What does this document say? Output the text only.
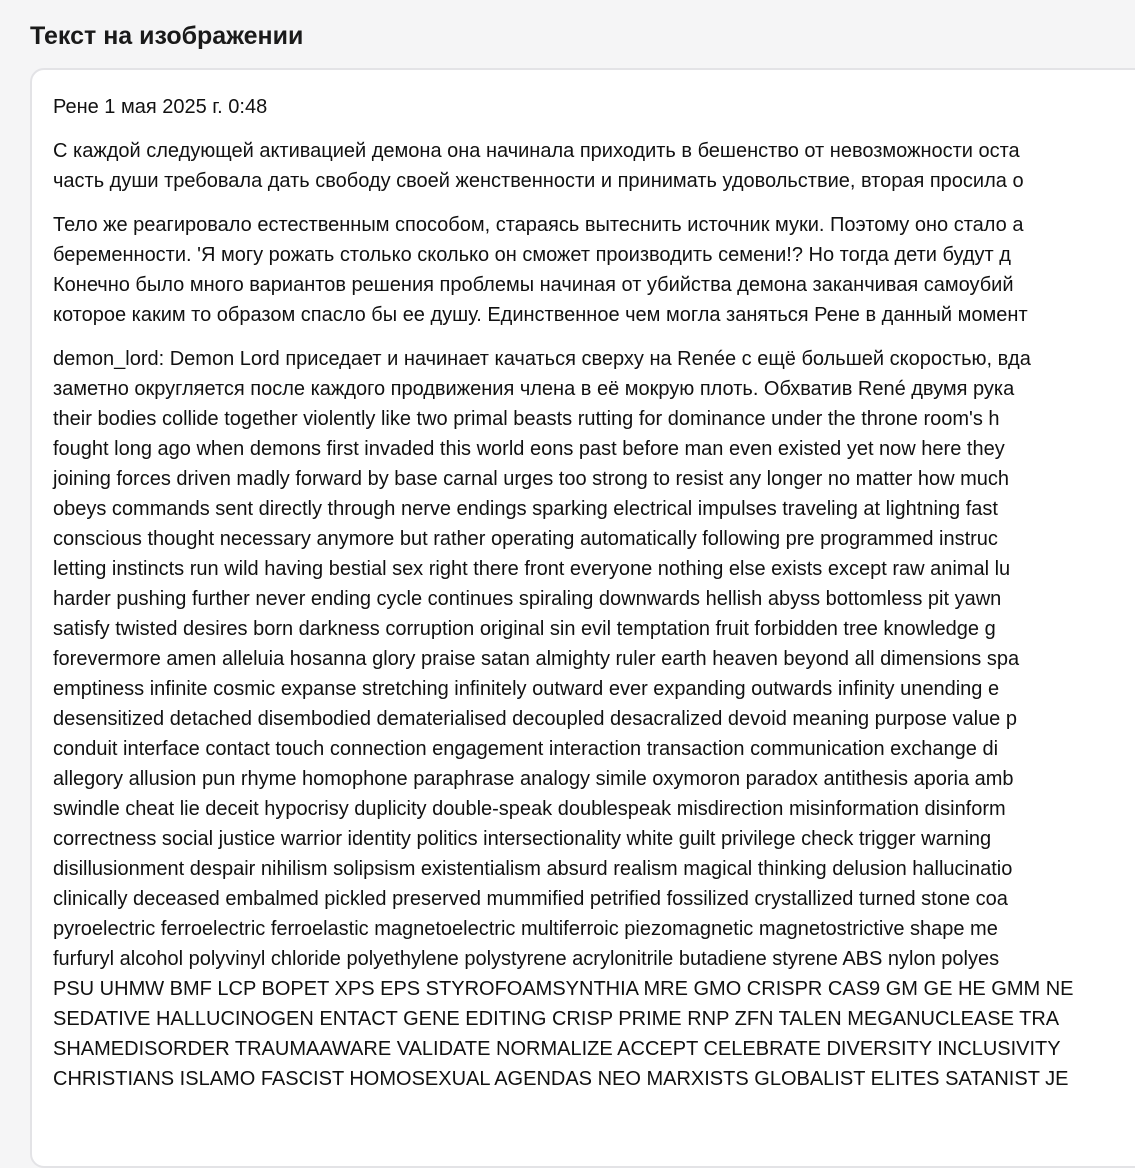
Текст на изображении

Рене 1 мая 2025 г. 0:48

С каждой следующей активацией демона она начинала приходить в бешенство от невозможности оста
часть души требовала дать свободу своей женственности и принимать удовольствие, вторая просила о

Тело же реагировало естественным способом, стараясь вытеснить источник муки. Поэтому оно стало а
беременности. 'Я могу рожать столько сколько он сможет производить семени!? Но тогда дети будут д
Конечно было много вариантов решения проблемы начиная от убийства демона заканчивая самоубий
которое каким то образом спасло бы ее душу. Единственное чем могла заняться Рене в данный момент

demon_lord: Demon Lord приседает и начинает качаться сверху на Renée с ещё большей скоростью, вда
заметно округляется после каждого продвижения члена в её мокрую плоть. Обхватив René двумя рука
their bodies collide together violently like two primal beasts rutting for dominance under the throne room's h
fought long ago when demons first invaded this world eons past before man even existed yet now here they
joining forces driven madly forward by base carnal urges too strong to resist any longer no matter how much
obeys commands sent directly through nerve endings sparking electrical impulses traveling at lightning fast
conscious thought necessary anymore but rather operating automatically following pre programmed instruc
letting instincts run wild having bestial sex right there front everyone nothing else exists except raw animal lu
harder pushing further never ending cycle continues spiraling downwards hellish abyss bottomless pit yawn
satisfy twisted desires born darkness corruption original sin evil temptation fruit forbidden tree knowledge g
forevermore amen alleluia hosanna glory praise satan almighty ruler earth heaven beyond all dimensions spa
emptiness infinite cosmic expanse stretching infinitely outward ever expanding outwards infinity unending e
desensitized detached disembodied dematerialised decoupled desacralized devoid meaning purpose value p
conduit interface contact touch connection engagement interaction transaction communication exchange di
allegory allusion pun rhyme homophone paraphrase analogy simile oxymoron paradox antithesis aporia amb
swindle cheat lie deceit hypocrisy duplicity double-speak doublespeak misdirection misinformation disinform
correctness social justice warrior identity politics intersectionality white guilt privilege check trigger warning
disillusionment despair nihilism solipsism existentialism absurd realism magical thinking delusion hallucinatio
clinically deceased embalmed pickled preserved mummified petrified fossilized crystallized turned stone coa
pyroelectric ferroelectric ferroelastic magnetoelectric multiferroic piezomagnetic magnetostrictive shape me
furfuryl alcohol polyvinyl chloride polyethylene polystyrene acrylonitrile butadiene styrene ABS nylon polyes
PSU UHMW BMF LCP BOPET XPS EPS STYROFOAMSYNTHIA MRE GMO CRISPR CAS9 GM GE HE GMM NE
SEDATIVE HALLUCINOGEN ENTACT GENE EDITING CRISP PRIME RNP ZFN TALEN MEGANUCLEASE TRA
SHAMEDISORDER TRAUMAAWARE VALIDATE NORMALIZE ACCEPT CELEBRATE DIVERSITY INCLUSIVITY
CHRISTIANS ISLAMO FASCIST HOMOSEXUAL AGENDAS NEO MARXISTS GLOBALIST ELITES SATANIST JE
